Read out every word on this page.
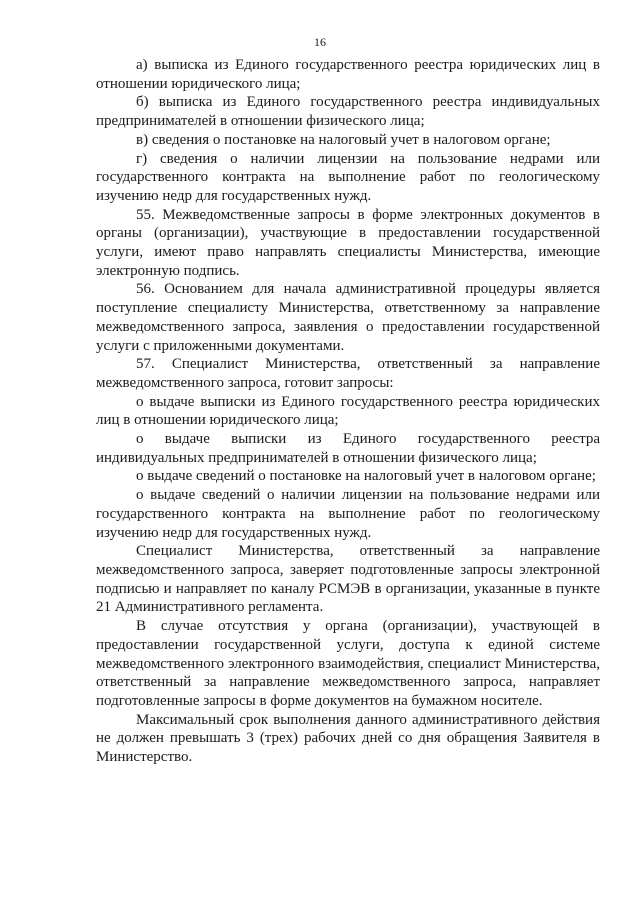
16

а) выписка из Единого государственного реестра юридических лиц в отношении юридического лица;

б) выписка из Единого государственного реестра индивидуальных предпринимателей в отношении физического лица;

в) сведения о постановке на налоговый учет в налоговом органе;

г) сведения о наличии лицензии на пользование недрами или государственного контракта на выполнение работ по геологическому изучению недр для государственных нужд.

55. Межведомственные запросы в форме электронных документов в органы (организации), участвующие в предоставлении государственной услуги, имеют право направлять специалисты Министерства, имеющие электронную подпись.

56. Основанием для начала административной процедуры является поступление специалисту Министерства, ответственному за направление межведомственного запроса, заявления о предоставлении государственной услуги с приложенными документами.

57. Специалист Министерства, ответственный за направление межведомственного запроса, готовит запросы:

о выдаче выписки из Единого государственного реестра юридических лиц в отношении юридического лица;

о выдаче выписки из Единого государственного реестра индивидуальных предпринимателей в отношении физического лица;

о выдаче сведений о постановке на налоговый учет в налоговом органе;

о выдаче сведений о наличии лицензии на пользование недрами или государственного контракта на выполнение работ по геологическому изучению недр для государственных нужд.

Специалист Министерства, ответственный за направление межведомственного запроса, заверяет подготовленные запросы электронной подписью и направляет по каналу РСМЭВ в организации, указанные в пункте 21 Административного регламента.

В случае отсутствия у органа (организации), участвующей в предоставлении государственной услуги, доступа к единой системе межведомственного электронного взаимодействия, специалист Министерства, ответственный за направление межведомственного запроса, направляет подготовленные запросы в форме документов на бумажном носителе.

Максимальный срок выполнения данного административного действия не должен превышать 3 (трех) рабочих дней со дня обращения Заявителя в Министерство.
